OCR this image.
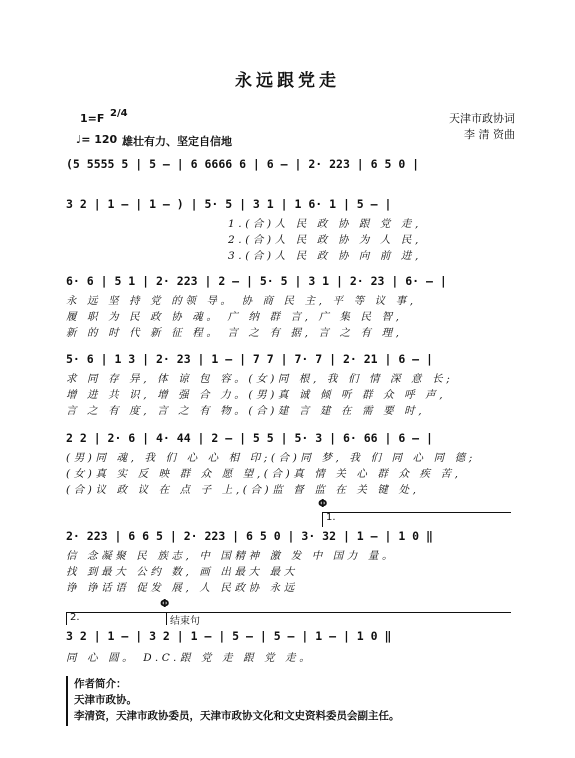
永远跟党走
1=F 2/4
♩= 120 雄壮有力、坚定自信地
天津市政协词
李 清 资曲
(5 5555 5 | 5 – | 6 6666 6 | 6 – | 2· 223 | 6 5 0 |
3 2 | 1 – | 1 – ) | 5· 5 | 3 1 | 1 6· 1 | 5 – |
1.(合)人 民 政 协 跟 党 走,
2.(合)人 民 政 协 为 人 民,
3.(合)人 民 政 协 向 前 进,
6· 6 | 5 1 | 2· 223 | 2 – | 5· 5 | 3 1 | 2· 23 | 6· – |
永 远 坚 持 党 的领 导。 协 商 民 主, 平 等 议 事,
履 职 为 民 政 协 魂。 广 纳 群 言, 广 集 民 智,
新 的 时 代 新 征 程。 言 之 有 据, 言 之 有 理,
5· 6 | 1 3 | 2· 23 | 1 – | 7 7 | 7· 7 | 2· 21 | 6 – |
求 同 存 异, 体 谅 包 容。(女)同 根, 我 们 情 深 意 长;
增 进 共 识, 增 强 合 力。(男)真 诚 倾 听 群 众 呼 声,
言 之 有 度, 言 之 有 物。(合)建 言 建 在 需 要 时,
2 2 | 2· 6 | 4· 44 | 2 – | 5 5 | 5· 3 | 6· 66 | 6 – |
(男)同 魂, 我 们 心 心 相 印;(合)同 梦, 我 们 同 心 同 德;
(女)真 实 反 映 群 众 愿 望,(合)真 情 关 心 群 众 疾 苦,
(合)议 政 议 在 点 子 上,(合)监 督 监 在 关 键 处,
Φ
1.
2· 223 | 6 6 5 | 2· 223 | 6 5 0 | 3· 32 | 1 – | 1 0 ‖
信 念凝聚 民 族志, 中 国精神 激 发 中 国力 量。
找 到最大 公约 数, 画 出最大 最大
诤 诤话语 促发 展, 人 民政协 永远
2.
Φ
结束句
3 2 | 1 – | 3 2 | 1 – | 5 – | 5 – | 1 – | 1 0 ‖
同 心 圆。 D.C.跟 党 走 跟 党 走。
作者简介：
天津市政协。
李清资，天津市政协委员，天津市政协文化和文史资料委员会副主任。
